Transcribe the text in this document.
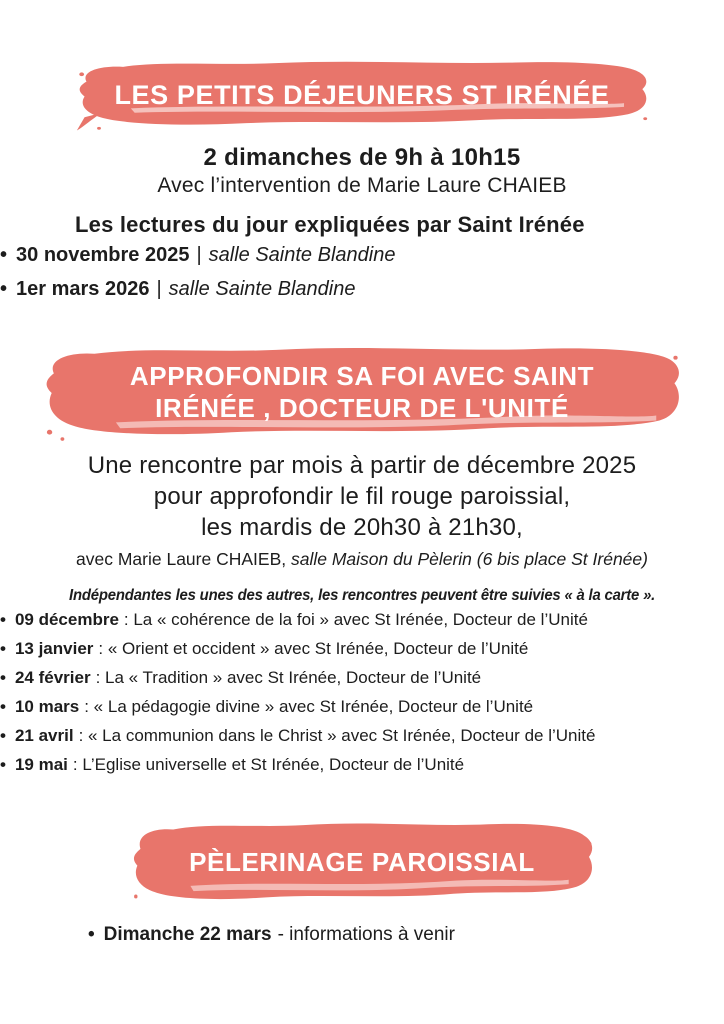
LES PETITS DÉJEUNERS ST IRÉNÉE
2 dimanches de 9h à 10h15
Avec l’intervention de Marie Laure CHAIEB
Les lectures du jour expliquées par Saint Irénée
• 30 novembre 2025 | salle Sainte Blandine
• 1er mars 2026 | salle Sainte Blandine
APPROFONDIR SA FOI AVEC SAINT
IRÉNÉE , DOCTEUR DE L'UNITÉ
Une rencontre par mois à partir de décembre 2025
pour approfondir le fil rouge paroissial,
les mardis de 20h30 à 21h30,
avec Marie Laure CHAIEB, salle Maison du Pèlerin (6 bis place St Irénée)
Indépendantes les unes des autres, les rencontres peuvent être suivies « à la carte ».
• 09 décembre : La « cohérence de la foi » avec St Irénée, Docteur de l’Unité
• 13 janvier : « Orient et occident » avec St Irénée, Docteur de l’Unité
• 24 février : La « Tradition » avec St Irénée, Docteur de l’Unité
• 10 mars : « La pédagogie divine » avec St Irénée, Docteur de l’Unité
• 21 avril : « La communion dans le Christ » avec St Irénée, Docteur de l’Unité
• 19 mai : L’Eglise universelle et St Irénée, Docteur de l’Unité
PÈLERINAGE PAROISSIAL
• Dimanche 22 mars - informations à venir
